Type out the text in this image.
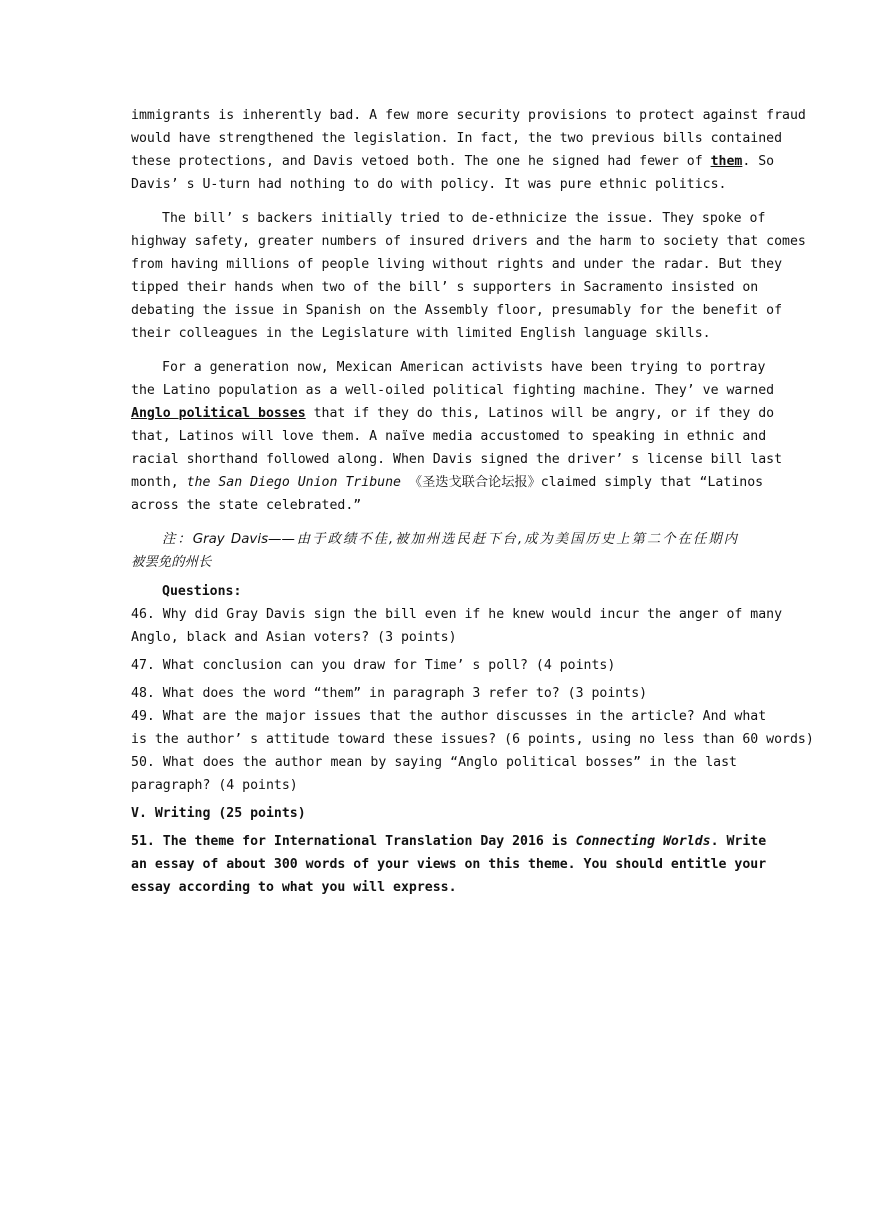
immigrants is inherently bad. A few more security provisions to protect against fraud
would have strengthened the legislation. In fact, the two previous bills contained
these protections, and Davis vetoed both. The one he signed had fewer of them. So
Davis’ s U-turn had nothing to do with policy. It was pure ethnic politics.
The bill’ s backers initially tried to de-ethnicize the issue. They spoke of
highway safety, greater numbers of insured drivers and the harm to society that comes
from having millions of people living without rights and under the radar. But they
tipped their hands when two of the bill’ s supporters in Sacramento insisted on
debating the issue in Spanish on the Assembly floor, presumably for the benefit of
their colleagues in the Legislature with limited English language skills.
For a generation now, Mexican American activists have been trying to portray
the Latino population as a well-oiled political fighting machine. They’ ve warned
Anglo political bosses that if they do this, Latinos will be angry, or if they do
that, Latinos will love them. A naïve media accustomed to speaking in ethnic and
racial shorthand followed along. When Davis signed the driver’ s license bill last
month, the San Diego Union Tribune 《圣迭戈联合论坛报》claimed simply that “Latinos
across the state celebrated.”
注：Gray Davis——由于政绩不佳,被加州选民赶下台,成为美国历史上第二个在任期内
被罢免的州长
Questions:
46. Why did Gray Davis sign the bill even if he knew would incur the anger of many
Anglo, black and Asian voters? (3 points)
47. What conclusion can you draw for Time’ s poll? (4 points)
48. What does the word “them” in paragraph 3 refer to? (3 points)
49. What are the major issues that the author discusses in the article? And what
is the author’ s attitude toward these issues? (6 points, using no less than 60 words)
50. What does the author mean by saying “Anglo political bosses” in the last
paragraph? (4 points)
V. Writing (25 points)
51. The theme for International Translation Day 2016 is Connecting Worlds. Write
an essay of about 300 words of your views on this theme. You should entitle your
essay according to what you will express.
